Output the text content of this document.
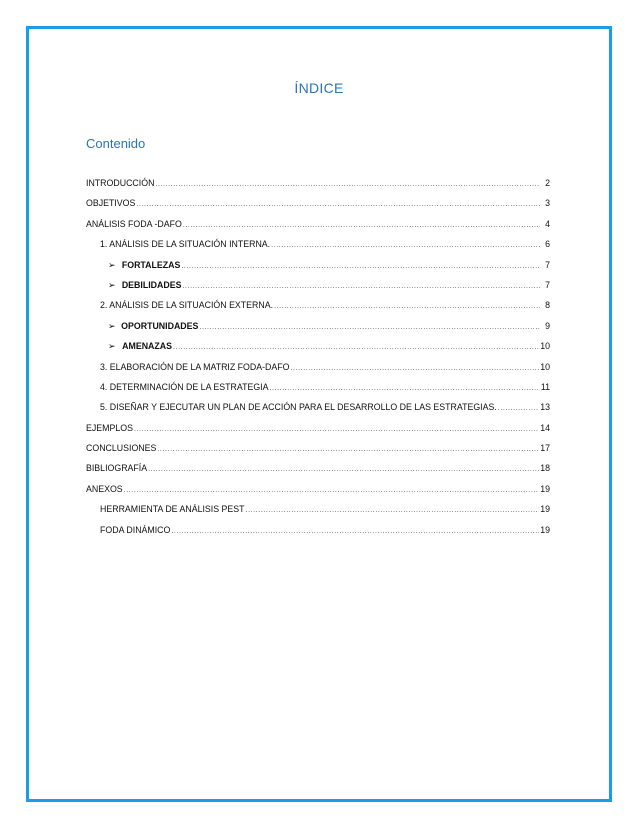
ÍNDICE
Contenido
INTRODUCCIÓN .....	2
OBJETIVOS .....	3
ANÁLISIS FODA -DAFO .....	4
1. ANÁLISIS DE LA SITUACIÓN INTERNA. .....	6
➢ FORTALEZAS .....	7
➢ DEBILIDADES .....	7
2. ANÁLISIS DE LA SITUACIÓN EXTERNA. .....	8
➢ OPORTUNIDADES .....	9
➢ AMENAZAS .....	10
3. ELABORACIÓN DE LA MATRIZ FODA-DAFO .....	10
4. DETERMINACIÓN DE LA ESTRATEGIA .....	11
5. DISEÑAR Y EJECUTAR UN PLAN DE ACCIÓN PARA EL DESARROLLO DE LAS ESTRATEGIAS. .....	13
EJEMPLOS .....	14
CONCLUSIONES .....	17
BIBLIOGRAFÍA .....	18
ANEXOS .....	19
HERRAMIENTA DE ANÁLISIS PEST .....	19
FODA DINÁMICO .....	19
